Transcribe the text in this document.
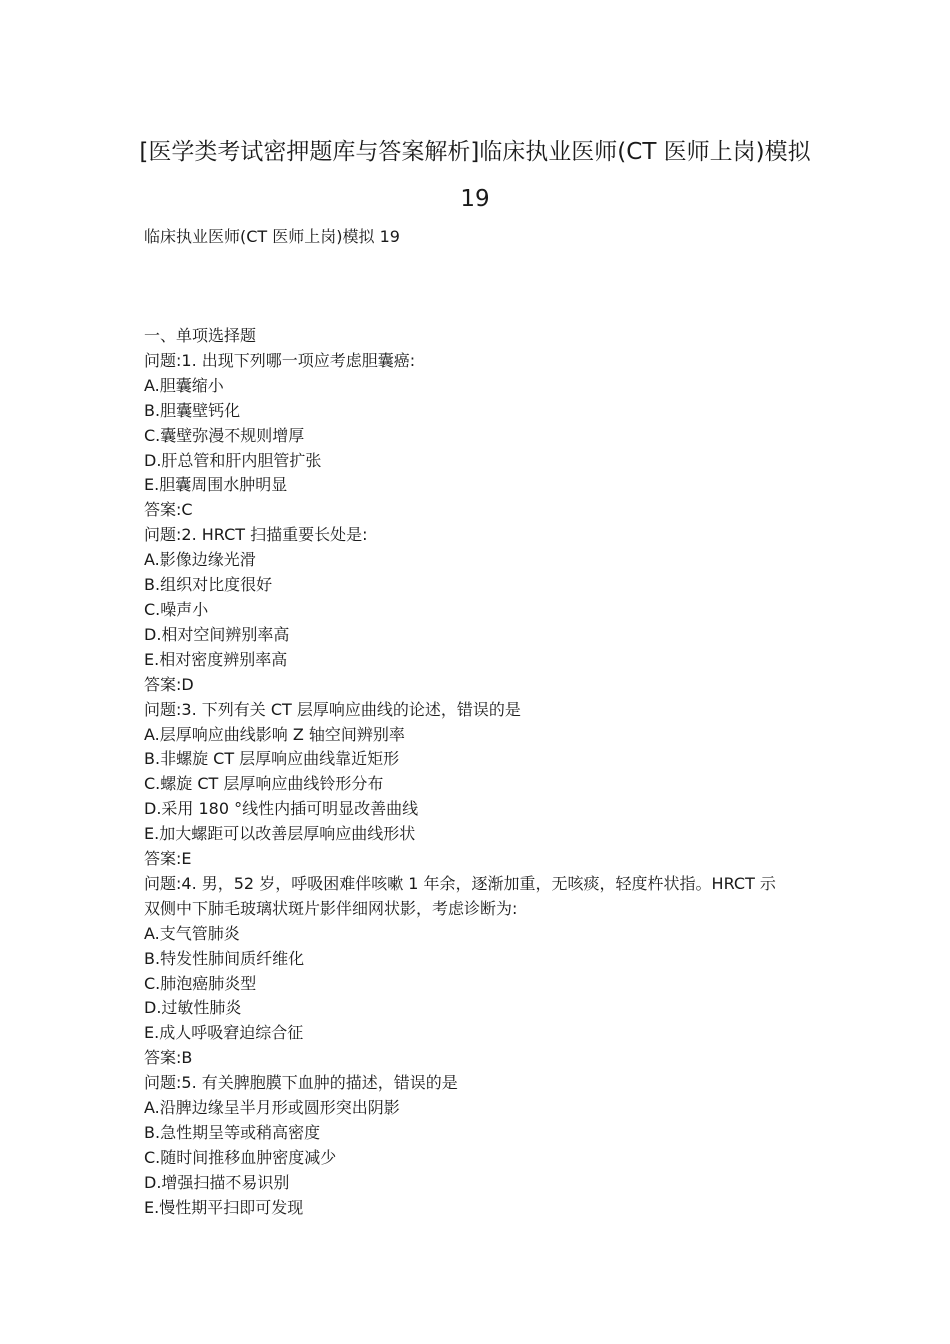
[医学类考试密押题库与答案解析]临床执业医师(CT 医师上岗)模拟
19
临床执业医师(CT 医师上岗)模拟 19
一、单项选择题
问题:1. 出现下列哪一项应考虑胆囊癌:
A.胆囊缩小
B.胆囊壁钙化
C.囊壁弥漫不规则增厚
D.肝总管和肝内胆管扩张
E.胆囊周围水肿明显
答案:C
问题:2. HRCT 扫描重要长处是:
A.影像边缘光滑
B.组织对比度很好
C.噪声小
D.相对空间辨别率高
E.相对密度辨别率高
答案:D
问题:3. 下列有关 CT 层厚响应曲线的论述，错误的是
A.层厚响应曲线影响 Z 轴空间辨别率
B.非螺旋 CT 层厚响应曲线靠近矩形
C.螺旋 CT 层厚响应曲线铃形分布
D.采用 180 °线性内插可明显改善曲线
E.加大螺距可以改善层厚响应曲线形状
答案:E
问题:4. 男，52 岁，呼吸困难伴咳嗽 1 年余，逐渐加重，无咳痰，轻度杵状指。HRCT 示
双侧中下肺毛玻璃状斑片影伴细网状影，考虑诊断为:
A.支气管肺炎
B.特发性肺间质纤维化
C.肺泡癌肺炎型
D.过敏性肺炎
E.成人呼吸窘迫综合征
答案:B
问题:5. 有关脾胞膜下血肿的描述，错误的是
A.沿脾边缘呈半月形或圆形突出阴影
B.急性期呈等或稍高密度
C.随时间推移血肿密度减少
D.增强扫描不易识别
E.慢性期平扫即可发现
